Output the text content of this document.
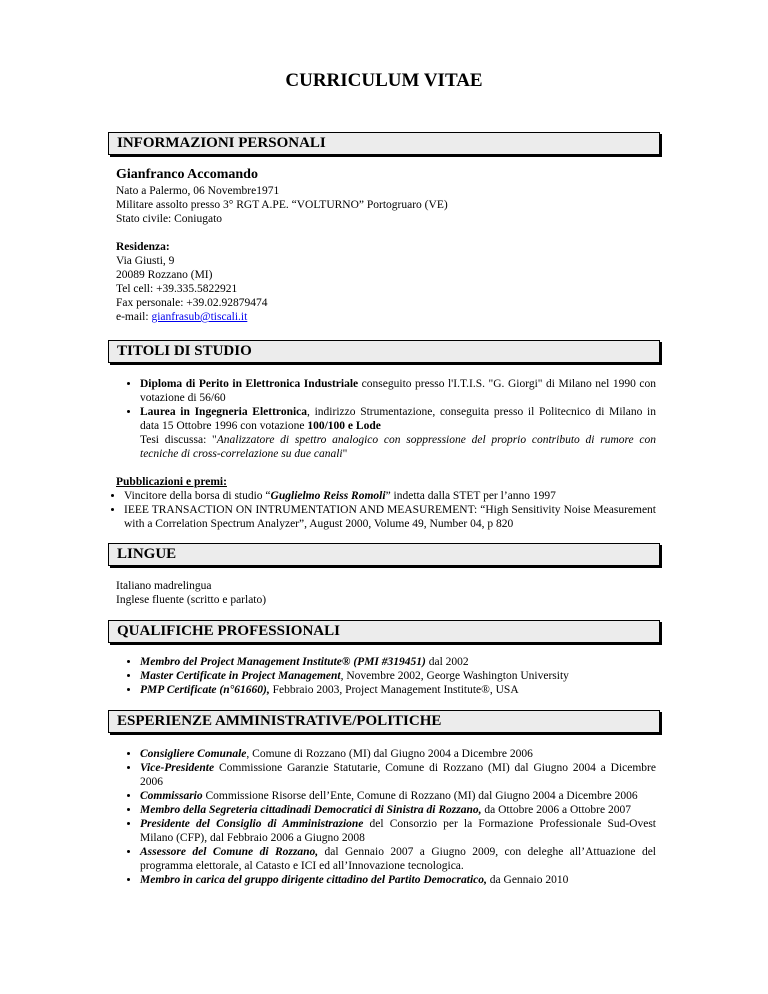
CURRICULUM VITAE
INFORMAZIONI PERSONALI

Gianfranco Accomando

Nato a Palermo, 06 Novembre1971

Militare assolto presso 3° RGT A.PE. “VOLTURNO” Portogruaro (VE)

Stato civile: Coniugato

Residenza:

Via Giusti, 9

20089 Rozzano (MI)

Tel cell: +39.335.5822921

Fax personale: +39.02.92879474

e-mail: gianfrasub@tiscali.it

TITOLI DI STUDIO
• Diploma di Perito in Elettronica Industriale conseguito presso l'I.T.I.S. "G. Giorgi" di Milano nel 1990 con votazione di 56/60
• Laurea in Ingegneria Elettronica, indirizzo Strumentazione, conseguita presso il Politecnico di Milano in data 15 Ottobre 1996 con votazione 100/100 e Lode
Tesi discussa: "Analizzatore di spettro analogico con soppressione del proprio contributo di rumore con tecniche di cross-correlazione su due canali"

Pubblicazioni e premi:

• Vincitore della borsa di studio “Guglielmo Reiss Romoli” indetta dalla STET per l’anno 1997
• IEEE TRANSACTION ON INTRUMENTATION AND MEASUREMENT: “High Sensitivity Noise Measurement with a Correlation Spectrum Analyzer”, August 2000, Volume 49, Number 04, p 820
LINGUE

Italiano madrelingua

Inglese fluente (scritto e parlato)

QUALIFICHE PROFESSIONALI
• Membro del Project Management Institute® (PMI #319451) dal 2002
• Master Certificate in Project Management, Novembre 2002, George Washington University
• PMP Certificate (n°61660), Febbraio 2003, Project Management Institute®, USA
ESPERIENZE AMMINISTRATIVE/POLITICHE
• Consigliere Comunale, Comune di Rozzano (MI) dal Giugno 2004 a Dicembre 2006
• Vice-Presidente Commissione Garanzie Statutarie, Comune di Rozzano (MI) dal Giugno 2004 a Dicembre 2006
• Commissario Commissione Risorse dell’Ente, Comune di Rozzano (MI) dal Giugno 2004 a Dicembre 2006
• Membro della Segreteria cittadinadi Democratici di Sinistra di Rozzano, da Ottobre 2006 a Ottobre 2007
• Presidente del Consiglio di Amministrazione del Consorzio per la Formazione Professionale Sud-Ovest Milano (CFP), dal Febbraio 2006 a Giugno 2008
• Assessore del Comune di Rozzano, dal Gennaio 2007 a Giugno 2009, con deleghe all’Attuazione del programma elettorale, al Catasto e ICI ed all’Innovazione tecnologica.
• Membro in carica del gruppo dirigente cittadino del Partito Democratico, da Gennaio 2010
